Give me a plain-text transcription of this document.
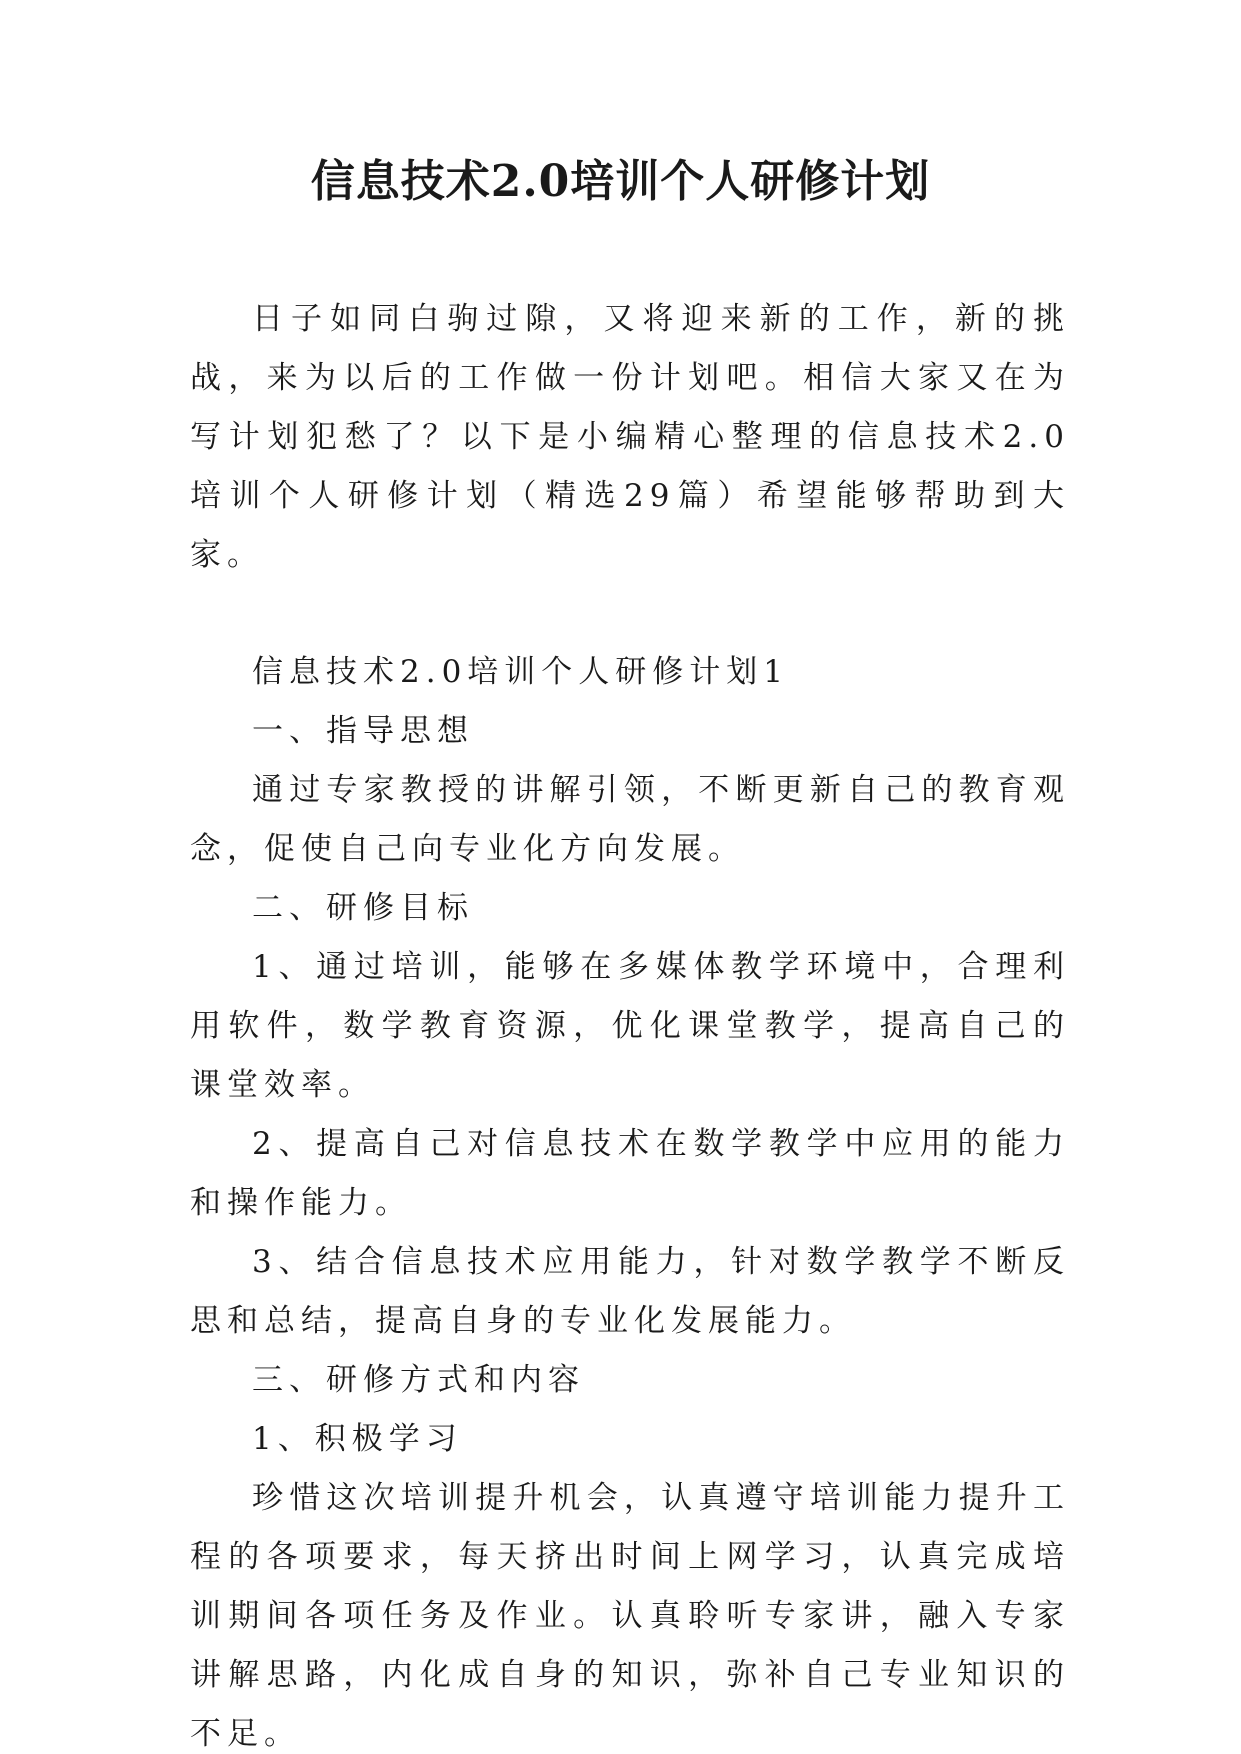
信息技术2.0培训个人研修计划

日子如同白驹过隙，又将迎来新的工作，新的挑战，来为以后的工作做一份计划吧。相信大家又在为写计划犯愁了？以下是小编精心整理的信息技术2.0培训个人研修计划（精选29篇）希望能够帮助到大家。

信息技术2.0培训个人研修计划1

一、指导思想

通过专家教授的讲解引领，不断更新自己的教育观念，促使自己向专业化方向发展。

二、研修目标

1、通过培训，能够在多媒体教学环境中，合理利用软件，数学教育资源，优化课堂教学，提高自己的课堂效率。

2、提高自己对信息技术在数学教学中应用的能力和操作能力。

3、结合信息技术应用能力，针对数学教学不断反思和总结，提高自身的专业化发展能力。

三、研修方式和内容

1、积极学习

珍惜这次培训提升机会，认真遵守培训能力提升工程的各项要求，每天挤出时间上网学习，认真完成培训期间各项任务及作业。认真聆听专家讲，融入专家讲解思路，内化成自身的知识，弥补自己专业知识的不足。
